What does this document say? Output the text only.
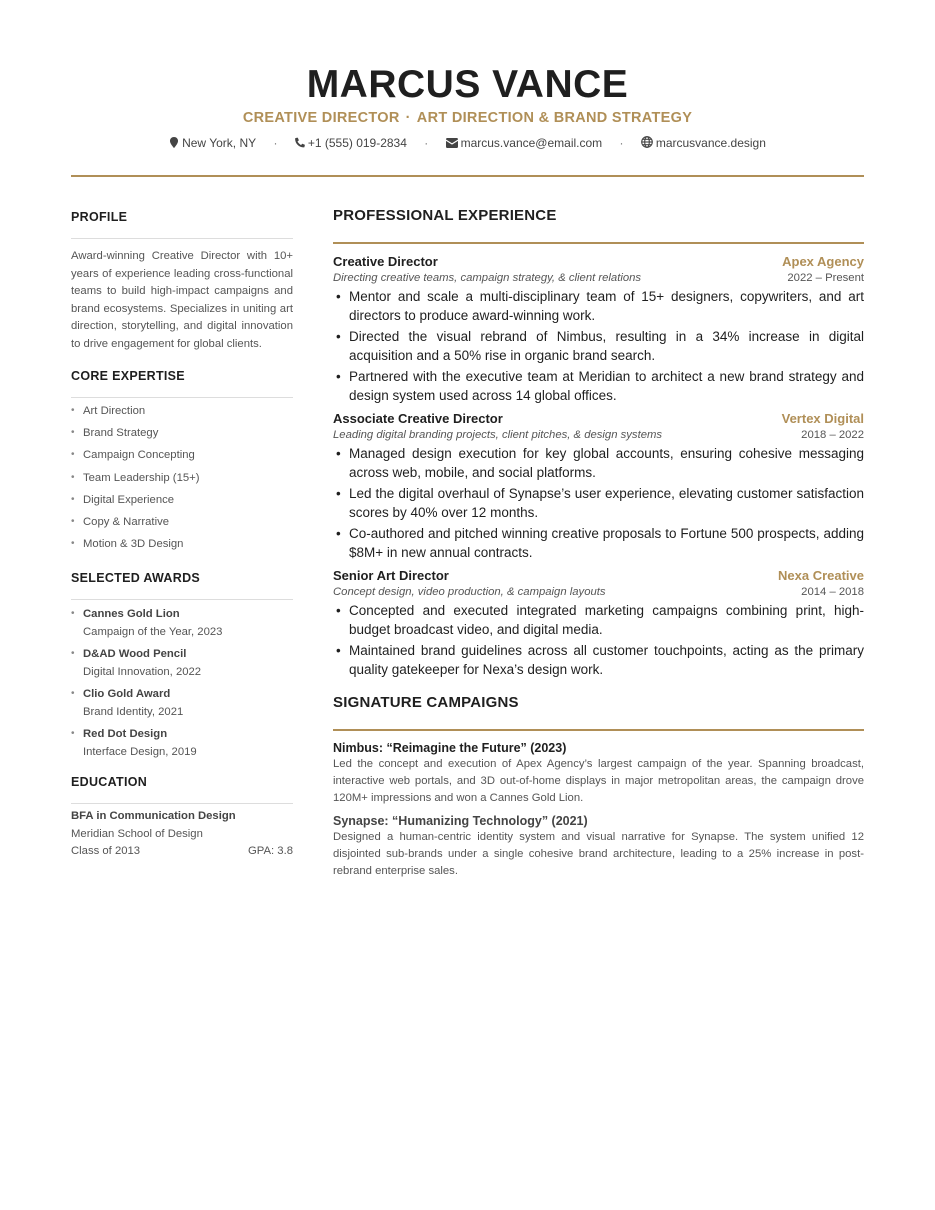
MARCUS VANCE
CREATIVE DIRECTOR · ART DIRECTION & BRAND STRATEGY
New York, NY ·	+1 (555) 019-2834 ·	marcus.vance@email.com ·	marcusvance.design
PROFILE
Award-winning Creative Director with 10+ years of experience leading cross-functional teams to build high-impact campaigns and brand ecosystems. Specializes in uniting art direction, storytelling, and digital innovation to drive engagement for global clients.
CORE EXPERTISE
• Art Direction
• Brand Strategy
• Campaign Concepting
• Team Leadership (15+)
• Digital Experience
• Copy & Narrative
• Motion & 3D Design
SELECTED AWARDS
• Cannes Gold Lion
Campaign of the Year, 2023
• D&AD Wood Pencil
Digital Innovation, 2022
• Clio Gold Award
Brand Identity, 2021
• Red Dot Design
Interface Design, 2019
EDUCATION
BFA in Communication Design
Meridian School of Design
Class of 2013	GPA: 3.8
PROFESSIONAL EXPERIENCE
Creative Director	Apex Agency
Directing creative teams, campaign strategy, & client relations	2022 – Present
• Mentor and scale a multi-disciplinary team of 15+ designers, copywriters, and art directors to produce award-winning work.
• Directed the visual rebrand of Nimbus, resulting in a 34% increase in digital acquisition and a 50% rise in organic brand search.
• Partnered with the executive team at Meridian to architect a new brand strategy and design system used across 14 global offices.
Associate Creative Director	Vertex Digital
Leading digital branding projects, client pitches, & design systems	2018 – 2022
• Managed design execution for key global accounts, ensuring cohesive messaging across web, mobile, and social platforms.
• Led the digital overhaul of Synapse’s user experience, elevating customer satisfaction scores by 40% over 12 months.
• Co-authored and pitched winning creative proposals to Fortune 500 prospects, adding $8M+ in new annual contracts.
Senior Art Director	Nexa Creative
Concept design, video production, & campaign layouts	2014 – 2018
• Concepted and executed integrated marketing campaigns combining print, high-budget broadcast video, and digital media.
• Maintained brand guidelines across all customer touchpoints, acting as the primary quality gatekeeper for Nexa’s design work.
SIGNATURE CAMPAIGNS
Nimbus: “Reimagine the Future” (2023)
Led the concept and execution of Apex Agency’s largest campaign of the year. Spanning broadcast, interactive web portals, and 3D out-of-home displays in major metropolitan areas, the campaign drove 120M+ impressions and won a Cannes Gold Lion.
Synapse: “Humanizing Technology” (2021)
Designed a human-centric identity system and visual narrative for Synapse. The system unified 12 disjointed sub-brands under a single cohesive brand architecture, leading to a 25% increase in post-rebrand enterprise sales.
